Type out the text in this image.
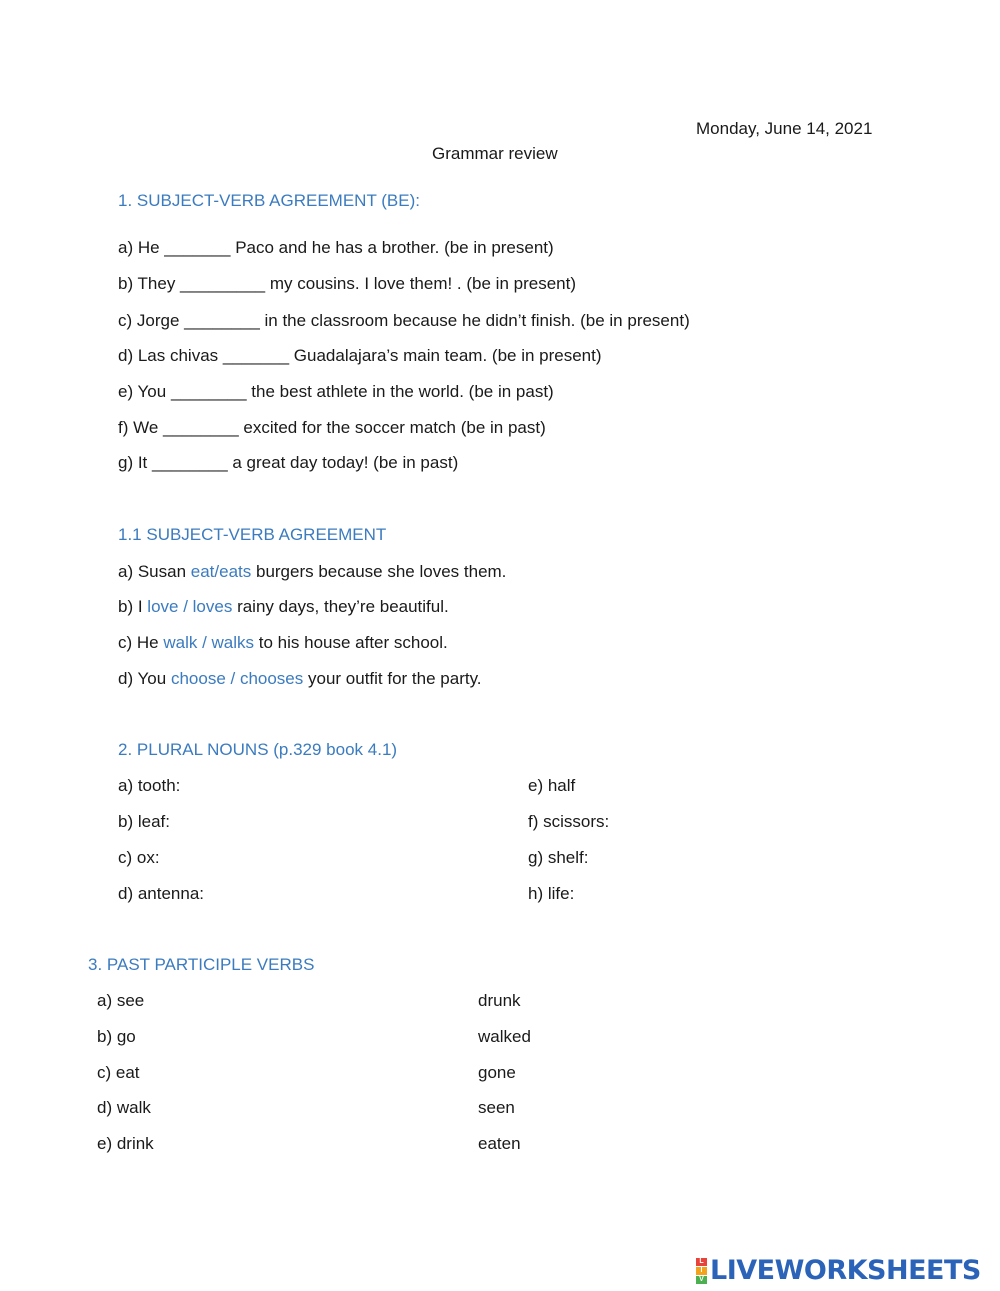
Monday, June 14, 2021
Grammar review
1. SUBJECT-VERB AGREEMENT (BE):
a) He _______ Paco and he has a brother. (be in present)
b) They _________ my cousins. I love them! . (be in present)
c) Jorge ________ in the classroom because he didn’t finish. (be in present)
d) Las chivas _______ Guadalajara’s main team. (be in present)
e) You ________ the best athlete in the world. (be in past)
f) We ________ excited for the soccer match (be in past)
g) It ________ a great day today! (be in past)
1.1 SUBJECT-VERB AGREEMENT
a) Susan eat/eats burgers because she loves them.
b) I love / loves rainy days, they’re beautiful.
c) He walk / walks to his house after school.
d) You choose / chooses your outfit for the party.
2. PLURAL NOUNS (p.329 book 4.1)
a) tooth:
b) leaf:
c) ox:
d) antenna:
e) half
f) scissors:
g) shelf:
h) life:
3. PAST PARTICIPLE VERBS
a) see
b) go
c) eat
d) walk
e) drink
drunk
walked
gone
seen
eaten
L
I
V LIVEWORKSHEETS
